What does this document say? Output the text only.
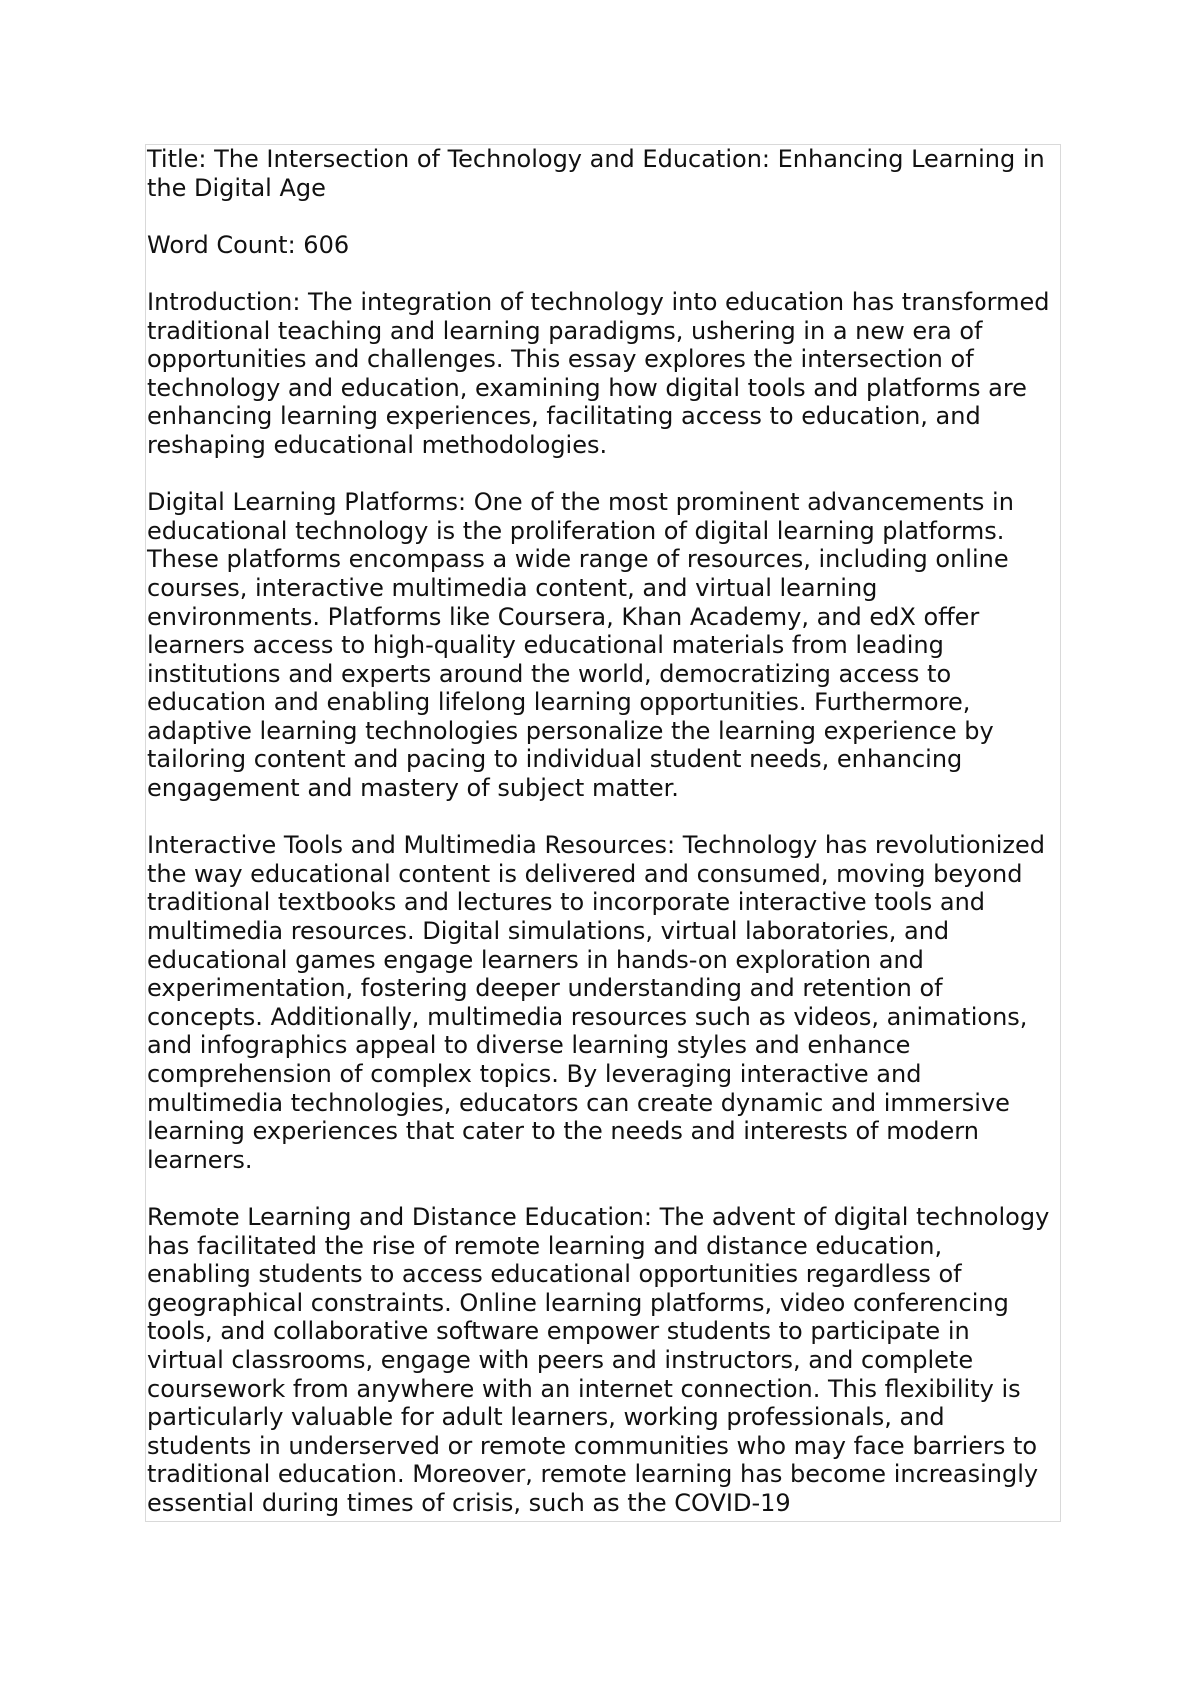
Title: The Intersection of Technology and Education: Enhancing Learning in the Digital Age

Word Count: 606

Introduction: The integration of technology into education has transformed traditional teaching and learning paradigms, ushering in a new era of opportunities and challenges. This essay explores the intersection of technology and education, examining how digital tools and platforms are enhancing learning experiences, facilitating access to education, and reshaping educational methodologies.

Digital Learning Platforms: One of the most prominent advancements in educational technology is the proliferation of digital learning platforms. These platforms encompass a wide range of resources, including online courses, interactive multimedia content, and virtual learning environments. Platforms like Coursera, Khan Academy, and edX offer learners access to high-quality educational materials from leading institutions and experts around the world, democratizing access to education and enabling lifelong learning opportunities. Furthermore, adaptive learning technologies personalize the learning experience by tailoring content and pacing to individual student needs, enhancing engagement and mastery of subject matter.

Interactive Tools and Multimedia Resources: Technology has revolutionized the way educational content is delivered and consumed, moving beyond traditional textbooks and lectures to incorporate interactive tools and multimedia resources. Digital simulations, virtual laboratories, and educational games engage learners in hands-on exploration and experimentation, fostering deeper understanding and retention of concepts. Additionally, multimedia resources such as videos, animations, and infographics appeal to diverse learning styles and enhance comprehension of complex topics. By leveraging interactive and multimedia technologies, educators can create dynamic and immersive learning experiences that cater to the needs and interests of modern learners.

Remote Learning and Distance Education: The advent of digital technology has facilitated the rise of remote learning and distance education, enabling students to access educational opportunities regardless of geographical constraints. Online learning platforms, video conferencing tools, and collaborative software empower students to participate in virtual classrooms, engage with peers and instructors, and complete coursework from anywhere with an internet connection. This flexibility is particularly valuable for adult learners, working professionals, and students in underserved or remote communities who may face barriers to traditional education. Moreover, remote learning has become increasingly essential during times of crisis, such as the COVID-19
